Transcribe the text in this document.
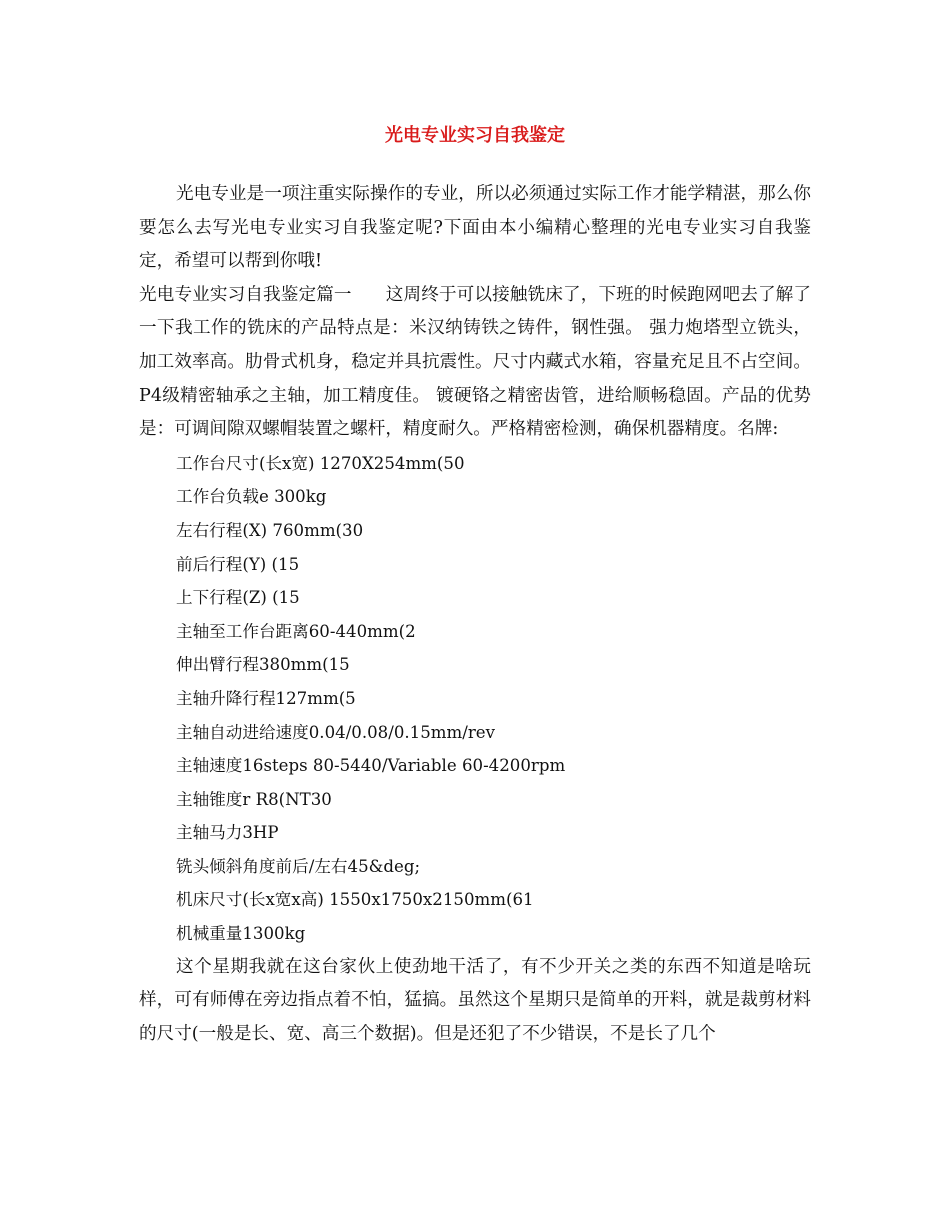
光电专业实习自我鉴定

光电专业是一项注重实际操作的专业，所以必须通过实际工作才能学精湛，那么你要怎么去写光电专业实习自我鉴定呢?下面由本小编精心整理的光电专业实习自我鉴定，希望可以帮到你哦!

光电专业实习自我鉴定篇一 这周终于可以接触铣床了，下班的时候跑网吧去了解了一下我工作的铣床的产品特点是：米汉纳铸铁之铸件，钢性强。 强力炮塔型立铣头，加工效率高。肋骨式机身，稳定并具抗震性。尺寸内藏式水箱，容量充足且不占空间。P4级精密轴承之主轴，加工精度佳。 镀硬铬之精密齿管，进给顺畅稳固。产品的优势是：可调间隙双螺帽装置之螺杆，精度耐久。严格精密检测，确保机器精度。名牌:

工作台尺寸(长x宽) 1270X254mm(50
工作台负载e 300kg
左右行程(X) 760mm(30
前后行程(Y) (15
上下行程(Z) (15
主轴至工作台距离60-440mm(2
伸出臂行程380mm(15
主轴升降行程127mm(5
主轴自动进给速度0.04/0.08/0.15mm/rev
主轴速度16steps 80-5440/Variable 60-4200rpm
主轴锥度r R8(NT30
主轴马力3HP
铣头倾斜角度前后/左右45&deg;
机床尺寸(长x宽x高) 1550x1750x2150mm(61
机械重量1300kg

这个星期我就在这台家伙上使劲地干活了，有不少开关之类的东西不知道是啥玩样，可有师傅在旁边指点着不怕，猛搞。虽然这个星期只是简单的开料，就是裁剪材料的尺寸(一般是长、宽、高三个数据)。但是还犯了不少错误，不是长了几个
